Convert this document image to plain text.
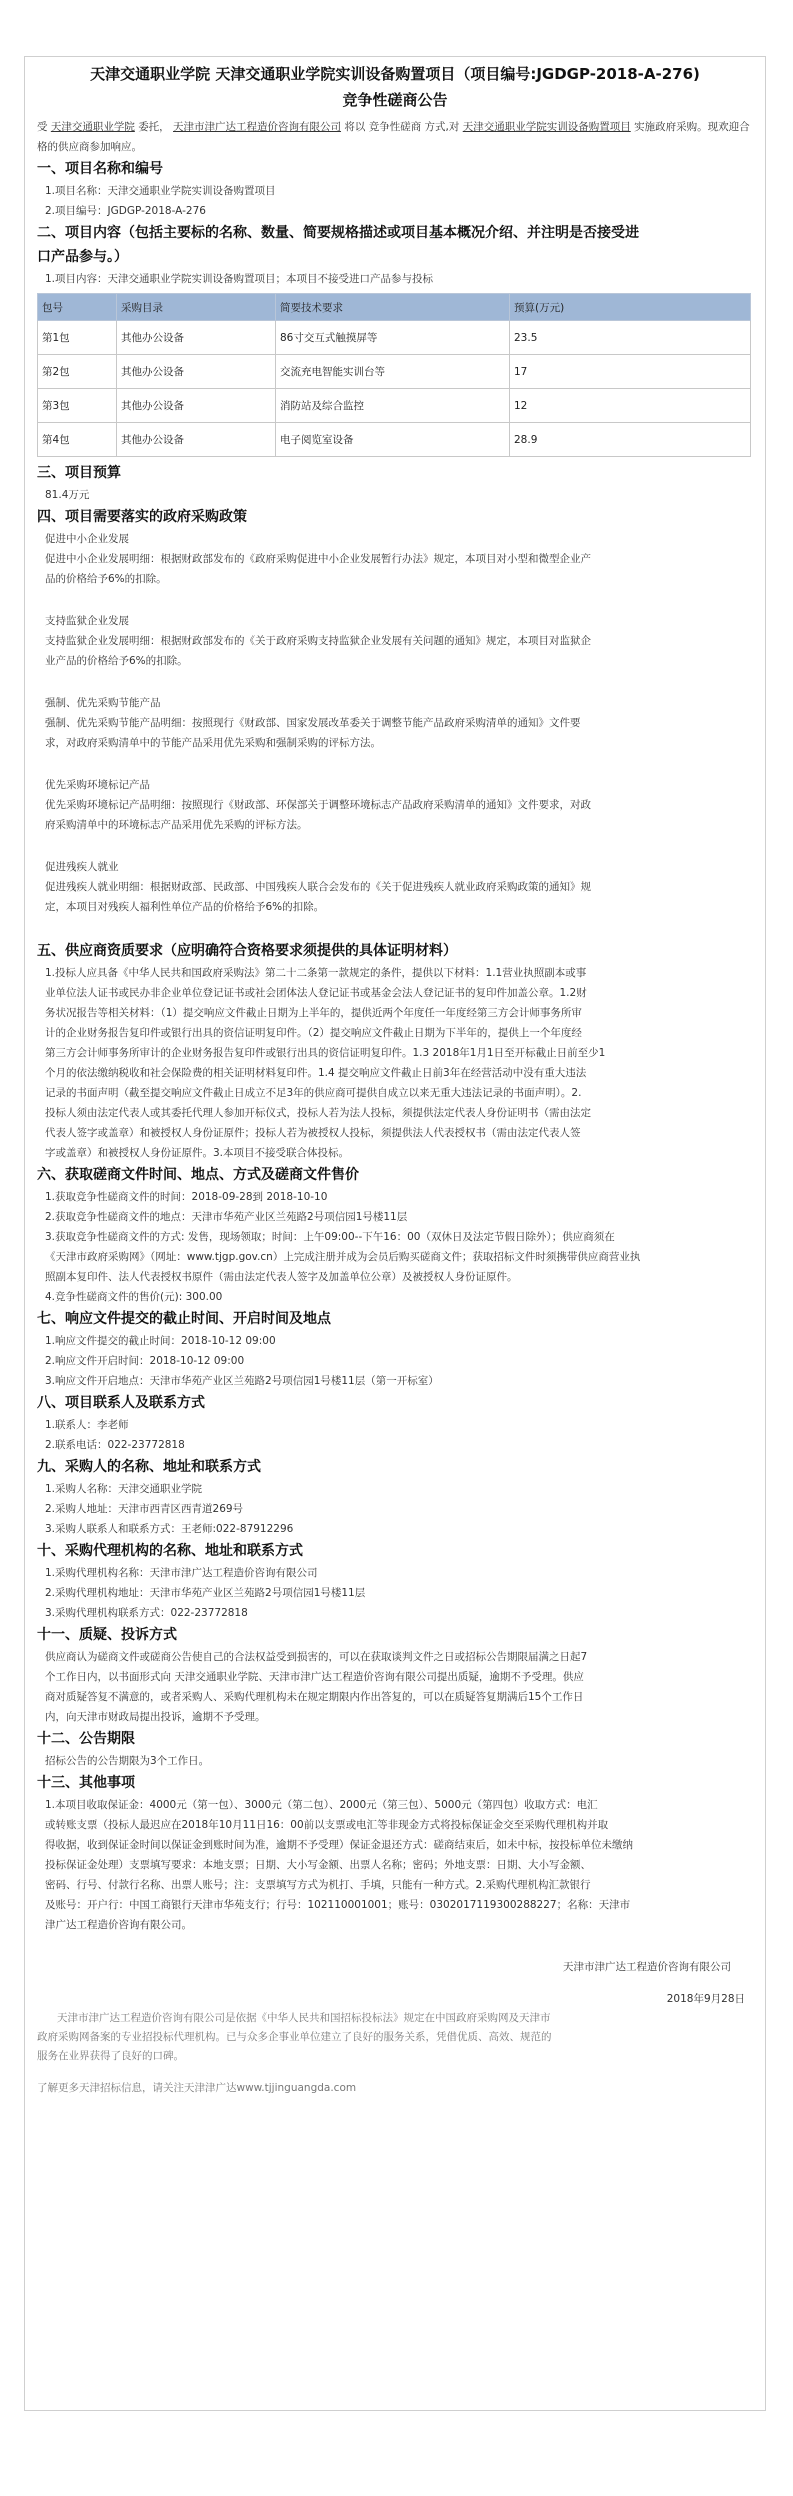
天津交通职业学院 天津交通职业学院实训设备购置项目（项目编号:JGDGP-2018-A-276)
竞争性磋商公告

受 天津交通职业学院 委托， 天津市津广达工程造价咨询有限公司 将以 竞争性磋商 方式,对 天津交通职业学院实训设备购置项目 实施政府采购。现欢迎合格的供应商参加响应。

一、项目名称和编号

1.项目名称：天津交通职业学院实训设备购置项目

2.项目编号：JGDGP-2018-A-276

二、项目内容（包括主要标的名称、数量、简要规格描述或项目基本概况介绍、并注明是否接受进
口产品参与。）

1.项目内容：天津交通职业学院实训设备购置项目；本项目不接受进口产品参与投标

包号	采购目录	简要技术要求	预算(万元)
第1包	其他办公设备	86寸交互式触摸屏等	23.5
第2包	其他办公设备	交流充电智能实训台等	17
第3包	其他办公设备	消防站及综合监控	12
第4包	其他办公设备	电子阅览室设备	28.9
三、项目预算

81.4万元

四、项目需要落实的政府采购政策

促进中小企业发展

促进中小企业发展明细：根据财政部发布的《政府采购促进中小企业发展暂行办法》规定，本项目对小型和微型企业产

品的价格给予6%的扣除。

支持监狱企业发展

支持监狱企业发展明细：根据财政部发布的《关于政府采购支持监狱企业发展有关问题的通知》规定，本项目对监狱企

业产品的价格给予6%的扣除。

强制、优先采购节能产品

强制、优先采购节能产品明细：按照现行《财政部、国家发展改革委关于调整节能产品政府采购清单的通知》文件要

求，对政府采购清单中的节能产品采用优先采购和强制采购的评标方法。

优先采购环境标记产品

优先采购环境标记产品明细：按照现行《财政部、环保部关于调整环境标志产品政府采购清单的通知》文件要求，对政

府采购清单中的环境标志产品采用优先采购的评标方法。

促进残疾人就业

促进残疾人就业明细：根据财政部、民政部、中国残疾人联合会发布的《关于促进残疾人就业政府采购政策的通知》规

定，本项目对残疾人福利性单位产品的价格给予6%的扣除。

五、供应商资质要求（应明确符合资格要求须提供的具体证明材料）

1.投标人应具备《中华人民共和国政府采购法》第二十二条第一款规定的条件，提供以下材料：1.1营业执照副本或事

业单位法人证书或民办非企业单位登记证书或社会团体法人登记证书或基金会法人登记证书的复印件加盖公章。1.2财

务状况报告等相关材料：（1）提交响应文件截止日期为上半年的，提供近两个年度任一年度经第三方会计师事务所审

计的企业财务报告复印件或银行出具的资信证明复印件。（2）提交响应文件截止日期为下半年的，提供上一个年度经

第三方会计师事务所审计的企业财务报告复印件或银行出具的资信证明复印件。1.3 2018年1月1日至开标截止日前至少1

个月的依法缴纳税收和社会保险费的相关证明材料复印件。1.4 提交响应文件截止日前3年在经营活动中没有重大违法

记录的书面声明（截至提交响应文件截止日成立不足3年的供应商可提供自成立以来无重大违法记录的书面声明）。2.

投标人须由法定代表人或其委托代理人参加开标仪式，投标人若为法人投标，须提供法定代表人身份证明书（需由法定

代表人签字或盖章）和被授权人身份证原件；投标人若为被授权人投标，须提供法人代表授权书（需由法定代表人签

字或盖章）和被授权人身份证原件。3.本项目不接受联合体投标。

六、获取磋商文件时间、地点、方式及磋商文件售价

1.获取竞争性磋商文件的时间：2018-09-28到 2018-10-10

2.获取竞争性磋商文件的地点：天津市华苑产业区兰苑路2号项信园1号楼11层

3.获取竞争性磋商文件的方式: 发售，现场领取；时间：上午09:00--下午16：00（双休日及法定节假日除外）；供应商须在

《天津市政府采购网》（网址：www.tjgp.gov.cn）上完成注册并成为会员后购买磋商文件；获取招标文件时须携带供应商营业执

照副本复印件、法人代表授权书原件（需由法定代表人签字及加盖单位公章）及被授权人身份证原件。

4.竞争性磋商文件的售价(元): 300.00

七、响应文件提交的截止时间、开启时间及地点

1.响应文件提交的截止时间：2018-10-12 09:00

2.响应文件开启时间：2018-10-12 09:00

3.响应文件开启地点：天津市华苑产业区兰苑路2号项信园1号楼11层（第一开标室）

八、项目联系人及联系方式

1.联系人：李老师

2.联系电话：022-23772818

九、采购人的名称、地址和联系方式

1.采购人名称：天津交通职业学院

2.采购人地址：天津市西青区西青道269号

3.采购人联系人和联系方式：王老师:022-87912296

十、采购代理机构的名称、地址和联系方式

1.采购代理机构名称：天津市津广达工程造价咨询有限公司

2.采购代理机构地址：天津市华苑产业区兰苑路2号项信园1号楼11层

3.采购代理机构联系方式：022-23772818

十一、质疑、投诉方式

供应商认为磋商文件或磋商公告使自己的合法权益受到损害的，可以在获取谈判文件之日或招标公告期限届满之日起7

个工作日内，以书面形式向 天津交通职业学院、天津市津广达工程造价咨询有限公司提出质疑，逾期不予受理。供应

商对质疑答复不满意的，或者采购人、采购代理机构未在规定期限内作出答复的，可以在质疑答复期满后15个工作日

内，向天津市财政局提出投诉，逾期不予受理。

十二、公告期限

招标公告的公告期限为3个工作日。

十三、其他事项

1.本项目收取保证金：4000元（第一包）、3000元（第二包）、2000元（第三包）、5000元（第四包）收取方式：电汇

或转账支票（投标人最迟应在2018年10月11日16：00前以支票或电汇等非现金方式将投标保证金交至采购代理机构并取

得收据，收到保证金时间以保证金到账时间为准，逾期不予受理）保证金退还方式：磋商结束后，如未中标，按投标单位未缴纳

投标保证金处理）支票填写要求：本地支票；日期、大小写金额、出票人名称；密码；外地支票：日期、大小写金额、

密码、行号、付款行名称、出票人账号；注：支票填写方式为机打、手填，只能有一种方式。2.采购代理机构汇款银行

及账号：开户行：中国工商银行天津市华苑支行；行号：102110001001；账号：0302017119300288227；名称：天津市

津广达工程造价咨询有限公司。

天津市津广达工程造价咨询有限公司

2018年9月28日

天津市津广达工程造价咨询有限公司是依据《中华人民共和国招标投标法》规定在中国政府采购网及天津市

政府采购网备案的专业招投标代理机构。已与众多企事业单位建立了良好的服务关系，凭借优质、高效、规范的

服务在业界获得了良好的口碑。

了解更多天津招标信息，请关注天津津广达www.tjjinguangda.com
